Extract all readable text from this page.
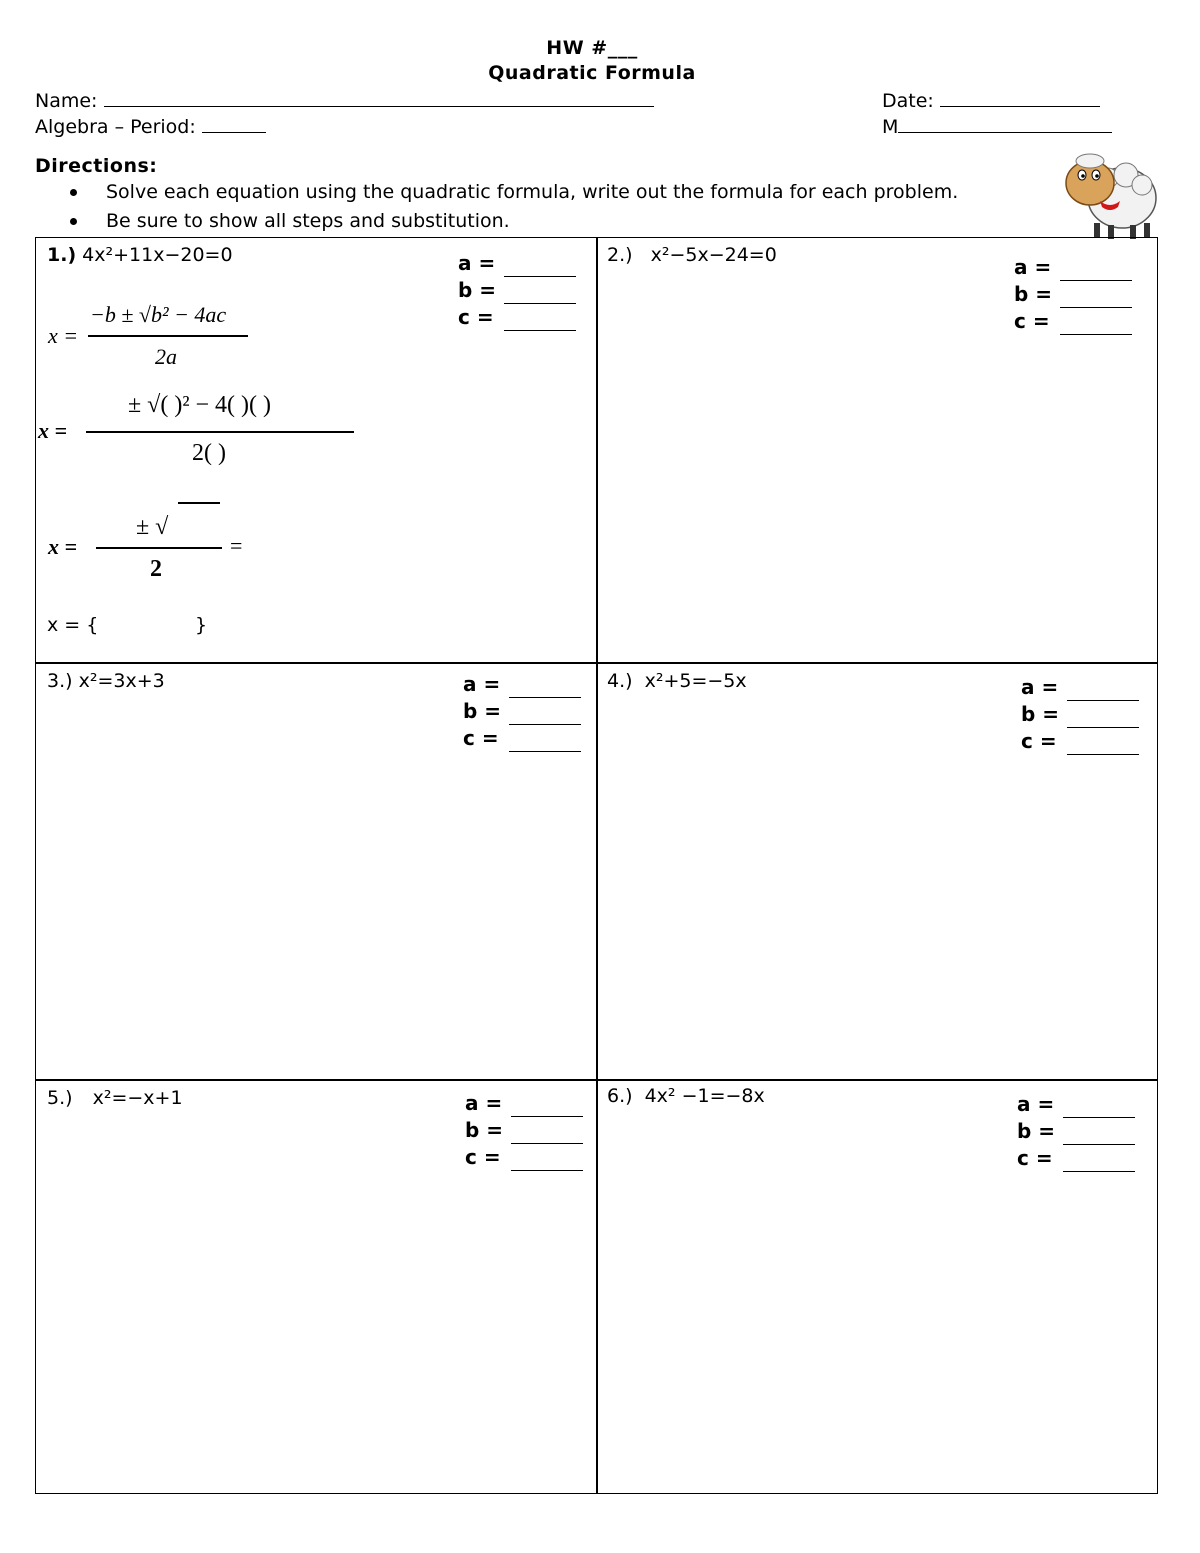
HW #___
Quadratic Formula
Name:
Algebra – Period:
Date:
M
Directions:
Solve each equation using the quadratic formula, write out the formula for each problem.
Be sure to show all steps and substitution.
1.) 4x²+11x−20=0	a =
b =
c =
x =
−b ± √b² − 4ac
2a
x =
± √( )² − 4( )( )
2( )
x =
± √
2
=
x = {                }
2.) x²−5x−24=0	a =
b =
c =
3.) x²=3x+3	a =
b =
c =
4.) x²+5=−5x	a =
b =
c =
5.) x²=−x+1	a =
b =
c =
6.) 4x² −1=−8x	a =
b =
c =
